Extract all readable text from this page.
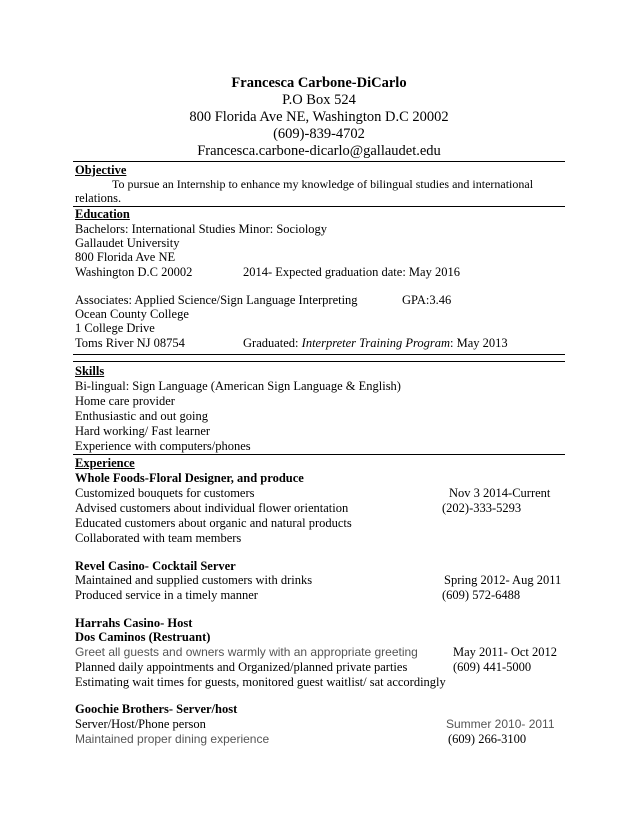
Francesca Carbone-DiCarlo
P.O Box 524
800 Florida Ave NE, Washington D.C 20002
(609)-839-4702
Francesca.carbone-dicarlo@gallaudet.edu
Objective
To pursue an Internship to enhance my knowledge of bilingual studies and international
relations.
Education
Bachelors: International Studies Minor: Sociology
Gallaudet University
800 Florida Ave NE
Washington D.C 20002	2014- Expected graduation date: May 2016
Associates: Applied Science/Sign Language Interpreting	GPA:3.46
Ocean County College
1 College Drive
Toms River NJ 08754	Graduated: Interpreter Training Program: May 2013
Skills
Bi-lingual: Sign Language (American Sign Language & English)
Home care provider
Enthusiastic and out going
Hard working/ Fast learner
Experience with computers/phones
Experience
Whole Foods-Floral Designer, and produce
Customized bouquets for customers	Nov 3 2014-Current
Advised customers about individual flower orientation	(202)-333-5293
Educated customers about organic and natural products
Collaborated with team members
Revel Casino- Cocktail Server
Maintained and supplied customers with drinks	Spring 2012- Aug 2011
Produced service in a timely manner	(609) 572-6488
Harrahs Casino- Host
Dos Caminos (Restruant)
Greet all guests and owners warmly with an appropriate greeting	May 2011- Oct 2012
Planned daily appointments and Organized/planned private parties	(609) 441-5000
Estimating wait times for guests, monitored guest waitlist/ sat accordingly
Goochie Brothers- Server/host
Server/Host/Phone person	Summer 2010- 2011
Maintained proper dining experience	(609) 266-3100
